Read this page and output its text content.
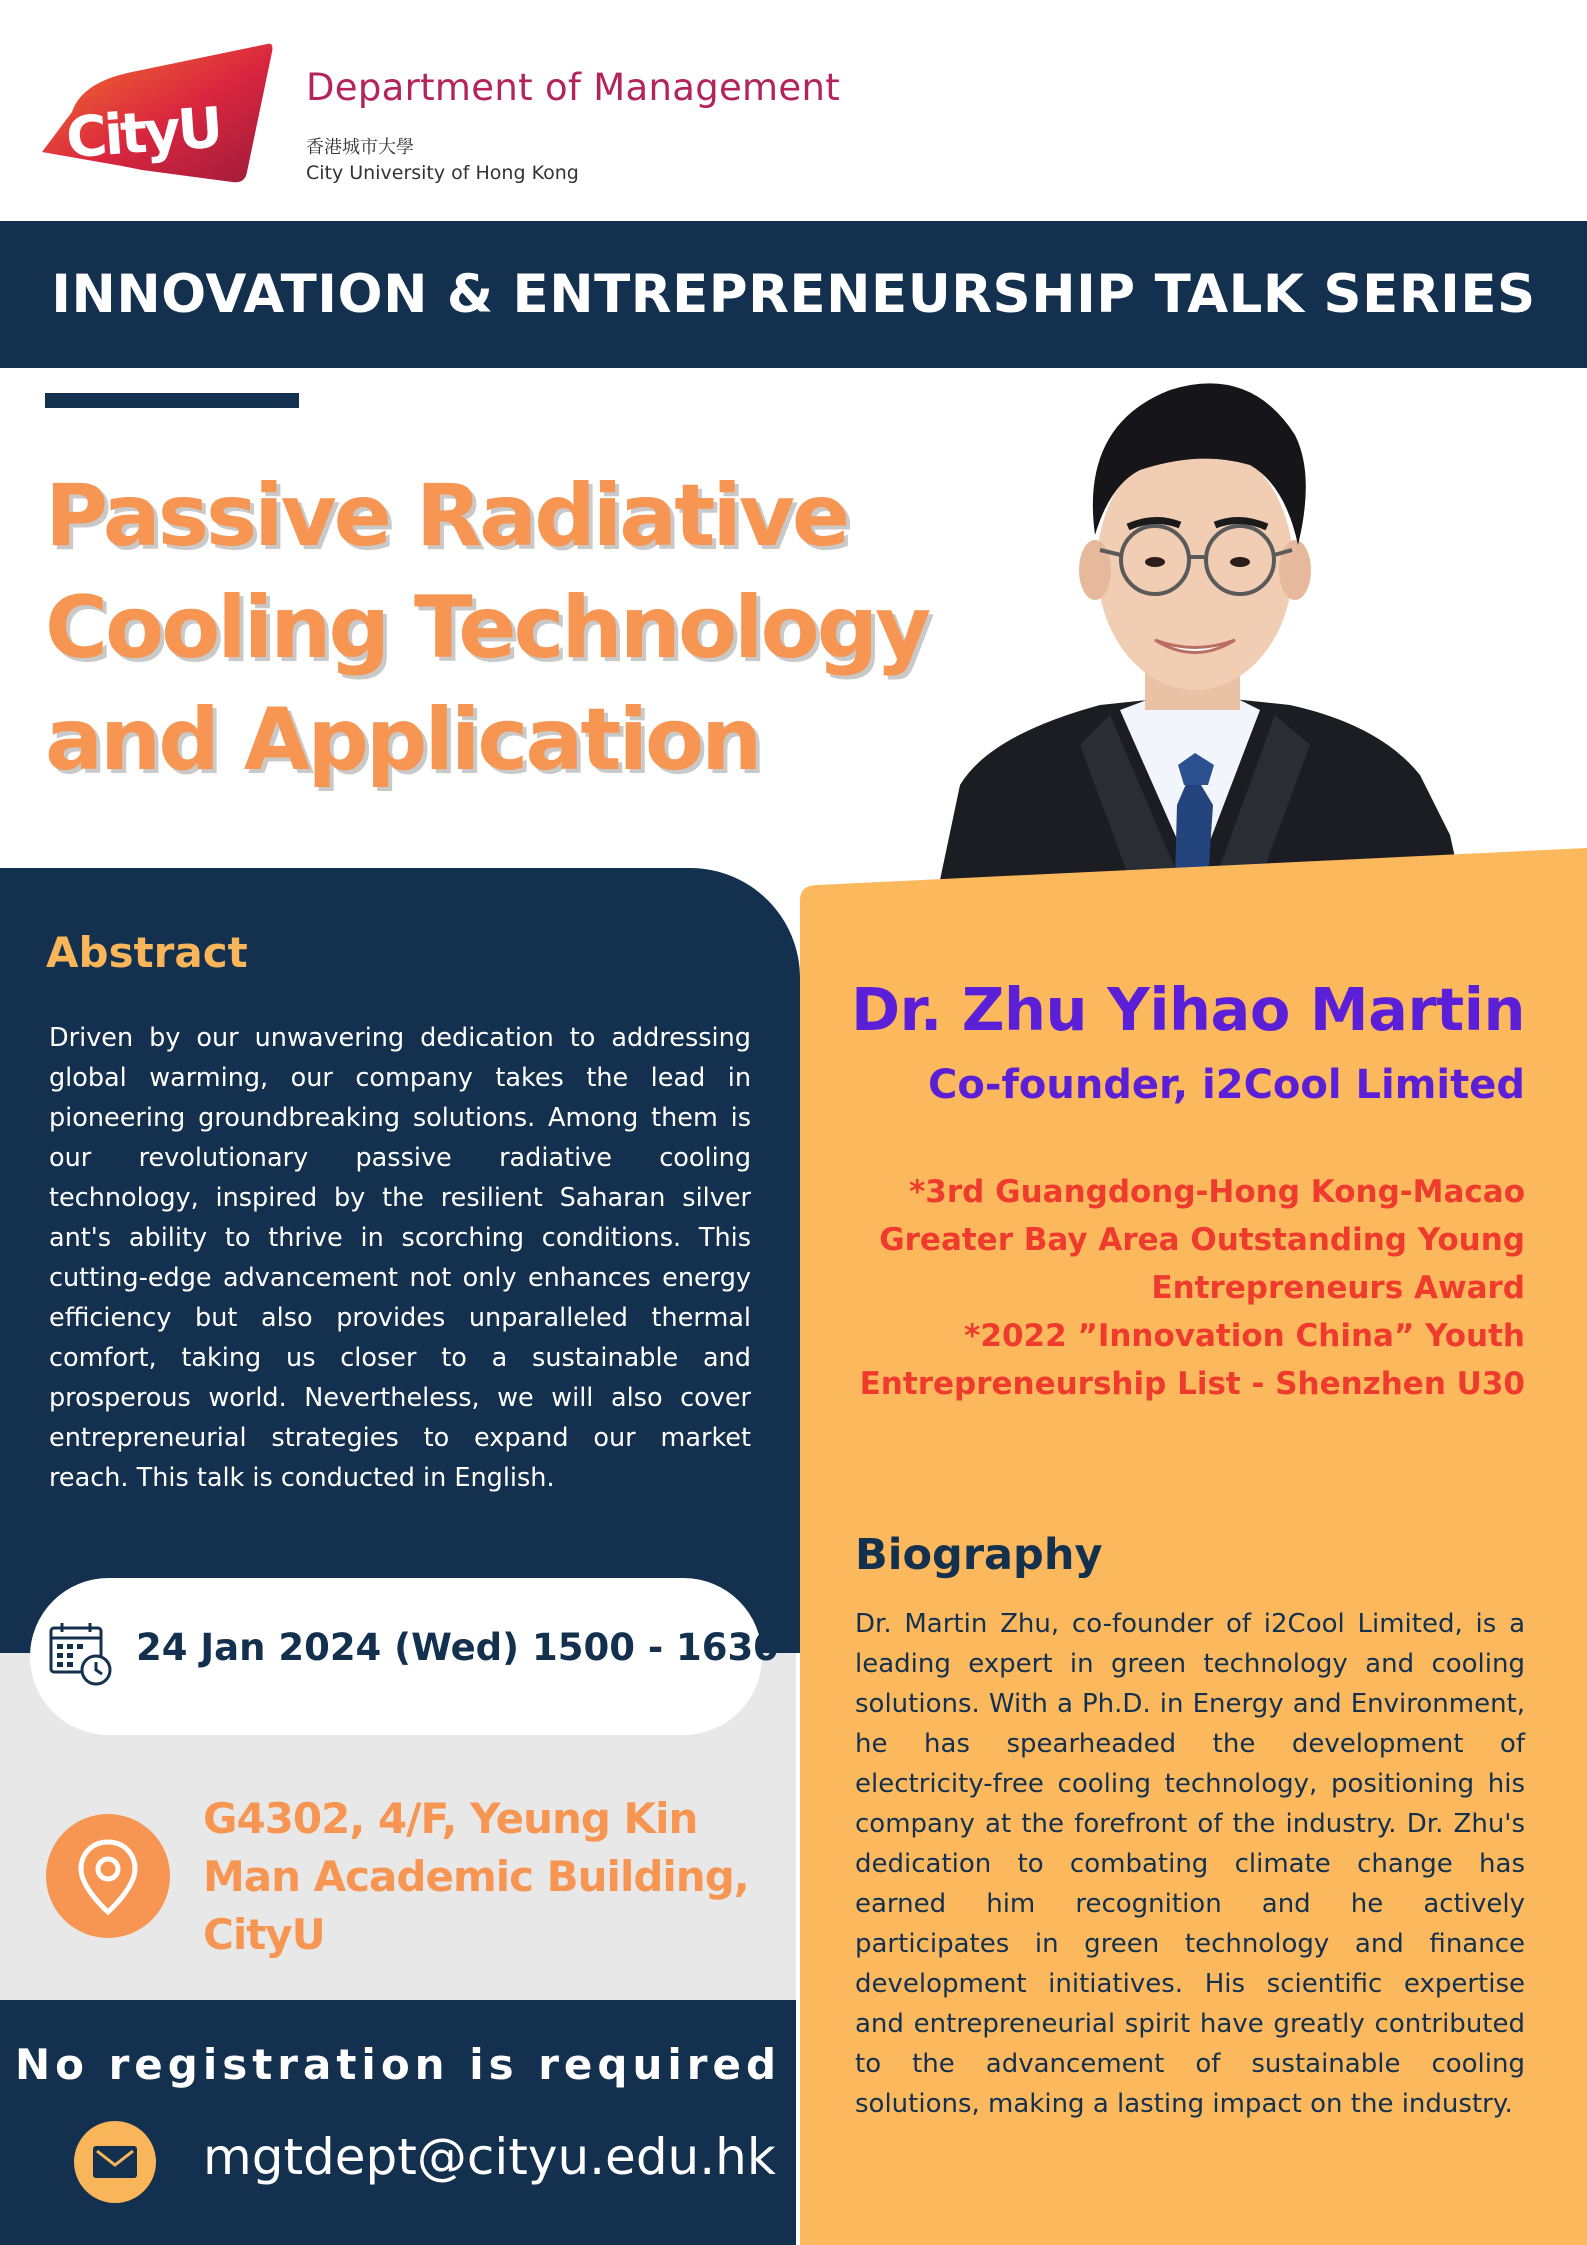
CityU
Department of Management
香港城市大學
City University of Hong Kong
INNOVATION & ENTREPRENEURSHIP TALK SERIES
Passive Radiative
Cooling Technology
and Application
Abstract
Driven by our unwavering dedication to addressing global warming, our company takes the lead in pioneering groundbreaking solutions. Among them is our revolutionary passive radiative cooling technology, inspired by the resilient Saharan silver ant's ability to thrive in scorching conditions. This cutting-edge advancement not only enhances energy efficiency but also provides unparalleled thermal comfort, taking us closer to a sustainable and prosperous world. Nevertheless, we will also cover entrepreneurial strategies to expand our market reach. This talk is conducted in English.
24 Jan 2024 (Wed) 1500 - 1630
G4302, 4/F, Yeung Kin
Man Academic Building,
CityU
No registration is required
mgtdept@cityu.edu.hk
Dr. Zhu Yihao Martin
Co-founder, i2Cool Limited
*3rd Guangdong-Hong Kong-Macao
Greater Bay Area Outstanding Young
Entrepreneurs Award
*2022 ”Innovation China” Youth
Entrepreneurship List - Shenzhen U30
Biography
Dr. Martin Zhu, co-founder of i2Cool Limited, is a leading expert in green technology and cooling solutions. With a Ph.D. in Energy and Environment, he has spearheaded the development of electricity-free cooling technology, positioning his company at the forefront of the industry. Dr. Zhu's dedication to combating climate change has earned him recognition and he actively participates in green technology and finance development initiatives. His scientific expertise and entrepreneurial spirit have greatly contributed to the advancement of sustainable cooling solutions, making a lasting impact on the industry.
